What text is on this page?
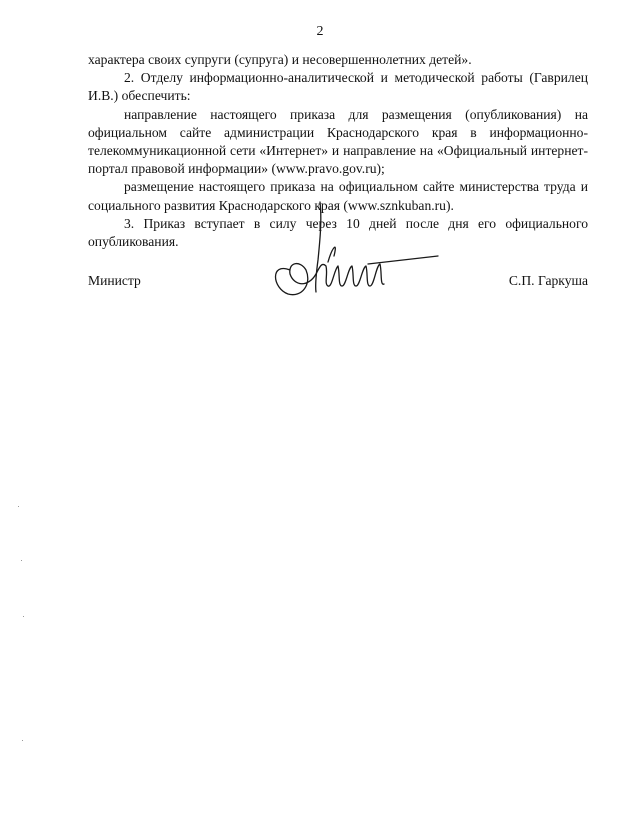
2

характера своих супруги (супруга) и несовершеннолетних детей».

2. Отделу информационно-аналитической и методической работы (Гаврилец И.В.) обеспечить:

направление настоящего приказа для размещения (опубликования) на официальном сайте администрации Краснодарского края в информационно-телекоммуникационной сети «Интернет» и направление на «Официальный интернет-портал правовой информации» (www.pravo.gov.ru);

размещение настоящего приказа на официальном сайте министерства труда и социального развития Краснодарского края (www.sznkuban.ru).

3. Приказ вступает в силу через 10 дней после дня его официального опубликования.

Министр	С.П. Гаркуша
